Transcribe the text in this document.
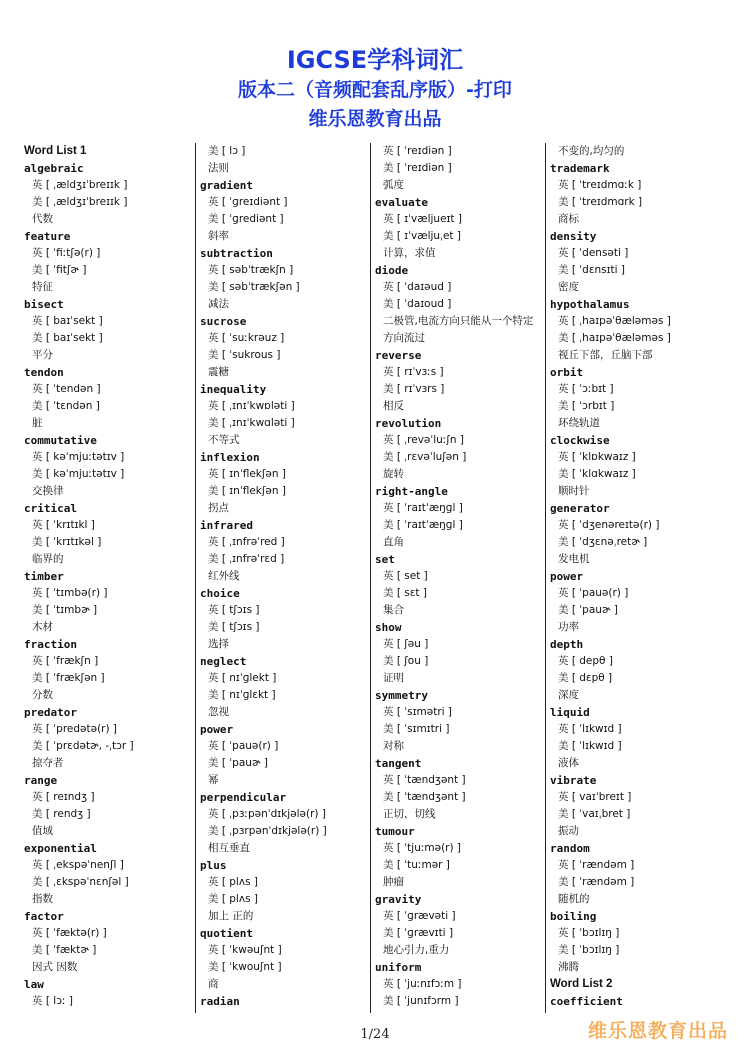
IGCSE学科词汇
版本二（音频配套乱序版）-打印
维乐恩教育出品
Word List 1
algebraic
英 [ ˌældʒɪˈbreɪɪk ]
美 [ ˌældʒɪˈbreɪɪk ]
代数
feature
英 [ ˈfiːtʃə(r) ]
美 [ ˈfitʃɚ ]
特征
bisect
英 [ baɪˈsekt ]
美 [ baɪˈsekt ]
平分
tendon
英 [ ˈtendən ]
美 [ ˈtɛndən ]
脏
commutative
英 [ kəˈmjuːtətɪv ]
美 [ kəˈmjuːtətɪv ]
交换律
critical
英 [ ˈkrɪtɪkl ]
美 [ ˈkrɪtɪkəl ]
临界的
timber
英 [ ˈtɪmbə(r) ]
美 [ ˈtɪmbɚ ]
木材
fraction
英 [ ˈfrækʃn ]
美 [ ˈfrækʃən ]
分数
predator
英 [ ˈpredətə(r) ]
美 [ ˈprɛdətɚ, -ˌtɔr ]
掠夺者
range
英 [ reɪndʒ ]
美 [ rendʒ ]
值域
exponential
英 [ ˌekspəˈnenʃl ]
美 [ ˌɛkspəˈnɛnʃəl ]
指数
factor
英 [ ˈfæktə(r) ]
美 [ ˈfæktɚ ]
因式 因数
law
英 [ lɔː ]
美 [ lɔ ]
法则
gradient
英 [ ˈɡreɪdiənt ]
美 [ ˈɡrediənt ]
斜率
subtraction
英 [ səbˈtrækʃn ]
美 [ səbˈtrækʃən ]
减法
sucrose
英 [ ˈsuːkrəuz ]
美 [ ˈsukrous ]
震糖
inequality
英 [ ˌɪnɪˈkwɒləti ]
美 [ ˌɪnɪˈkwɑləti ]
不等式
inflexion
英 [ ɪnˈflekʃən ]
美 [ ɪnˈflekʃən ]
拐点
infrared
英 [ ˌɪnfrəˈred ]
美 [ ˌɪnfrəˈrɛd ]
红外线
choice
英 [ tʃɔɪs ]
美 [ tʃɔɪs ]
选择
neglect
英 [ nɪˈɡlekt ]
美 [ nɪˈɡlɛkt ]
忽视
power
英 [ ˈpauə(r) ]
美 [ ˈpauɚ ]
幂
perpendicular
英 [ ˌpɜːpənˈdɪkjələ(r) ]
美 [ ˌpɜrpənˈdɪkjələ(r) ]
相互垂直
plus
英 [ plʌs ]
美 [ plʌs ]
加上 正的
quotient
英 [ ˈkwəuʃnt ]
美 [ ˈkwouʃnt ]
商
radian
英 [ ˈreɪdiən ]
美 [ ˈreɪdiən ]
弧度
evaluate
英 [ ɪˈvæljueɪt ]
美 [ ɪˈvæljuˌet ]
计算，求值
diode
英 [ ˈdaɪəud ]
美 [ ˈdaɪoud ]
二极管,电流方向只能从一个特定
方向流过
reverse
英 [ rɪˈvɜːs ]
美 [ rɪˈvɜrs ]
相反
revolution
英 [ ˌrevəˈluːʃn ]
美 [ ˌrɛvəˈluʃən ]
旋转
right-angle
英 [ ˈraɪtˈæŋɡl ]
美 [ ˈraɪtˈæŋɡl ]
直角
set
英 [ set ]
美 [ sɛt ]
集合
show
英 [ ʃəu ]
美 [ ʃou ]
证明
symmetry
英 [ ˈsɪmətri ]
美 [ ˈsɪmɪtri ]
对称
tangent
英 [ ˈtændʒənt ]
美 [ ˈtændʒənt ]
正切，切线
tumour
英 [ ˈtjuːmə(r) ]
美 [ ˈtuːmər ]
肿瘤
gravity
英 [ ˈɡrævəti ]
美 [ ˈɡrævɪti ]
地心引力,重力
uniform
英 [ ˈjuːnɪfɔːm ]
美 [ ˈjunɪfɔrm ]
不变的,均匀的
trademark
英 [ ˈtreɪdmɑːk ]
美 [ ˈtreɪdmɑrk ]
商标
density
英 [ ˈdensəti ]
美 [ ˈdɛnsɪti ]
密度
hypothalamus
英 [ ˌhaɪpəˈθæləməs ]
美 [ ˌhaɪpəˈθæləməs ]
视丘下部，丘脑下部
orbit
英 [ ˈɔːbɪt ]
美 [ ˈɔrbɪt ]
环绕轨道
clockwise
英 [ ˈklɒkwaɪz ]
美 [ ˈklɑkwaɪz ]
顺时针
generator
英 [ ˈdʒenəreɪtə(r) ]
美 [ ˈdʒɛnəˌretɚ ]
发电机
power
英 [ ˈpauə(r) ]
美 [ ˈpauɚ ]
功率
depth
英 [ depθ ]
美 [ dɛpθ ]
深度
liquid
英 [ ˈlɪkwɪd ]
美 [ ˈlɪkwɪd ]
液体
vibrate
英 [ vaɪˈbreɪt ]
美 [ ˈvaɪˌbret ]
振动
random
英 [ ˈrændəm ]
美 [ ˈrændəm ]
随机的
boiling
英 [ ˈbɔɪlɪŋ ]
美 [ ˈbɔɪlɪŋ ]
沸腾
Word List 2
coefficient
1/24	维乐恩教育出品
